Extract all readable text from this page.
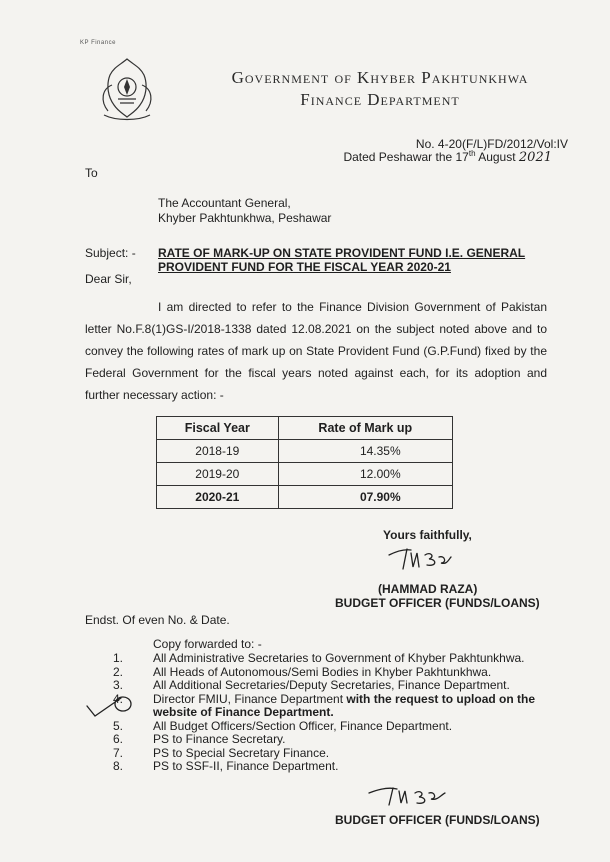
KP Finance
Government of Khyber Pakhtunkhwa
Finance Department
No. 4-20(F/L)FD/2012/Vol:IV
Dated Peshawar the 17th August 2021
To
The Accountant General,
Khyber Pakhtunkhwa, Peshawar
Subject: - RATE OF MARK-UP ON STATE PROVIDENT FUND I.E. GENERAL PROVIDENT FUND FOR THE FISCAL YEAR 2020-21
Dear Sir,
I am directed to refer to the Finance Division Government of Pakistan letter No.F.8(1)GS-I/2018-1338 dated 12.08.2021 on the subject noted above and to convey the following rates of mark up on State Provident Fund (G.P.Fund) fixed by the Federal Government for the fiscal years noted against each, for its adoption and further necessary action: -
Fiscal Year	Rate of Mark up
2018-19	14.35%
2019-20	12.00%
2020-21	07.90%
Yours faithfully,
(HAMMAD RAZA)
BUDGET OFFICER (FUNDS/LOANS)
Endst. Of even No. & Date.
Copy forwarded to: -
1.	All Administrative Secretaries to Government of Khyber Pakhtunkhwa.
2.	All Heads of Autonomous/Semi Bodies in Khyber Pakhtunkhwa.
3.	All Additional Secretaries/Deputy Secretaries, Finance Department.
4.	Director FMIU, Finance Department with the request to upload on the website of Finance Department.
5.	All Budget Officers/Section Officer, Finance Department.
6.	PS to Finance Secretary.
7.	PS to Special Secretary Finance.
8.	PS to SSF-II, Finance Department.
BUDGET OFFICER (FUNDS/LOANS)
